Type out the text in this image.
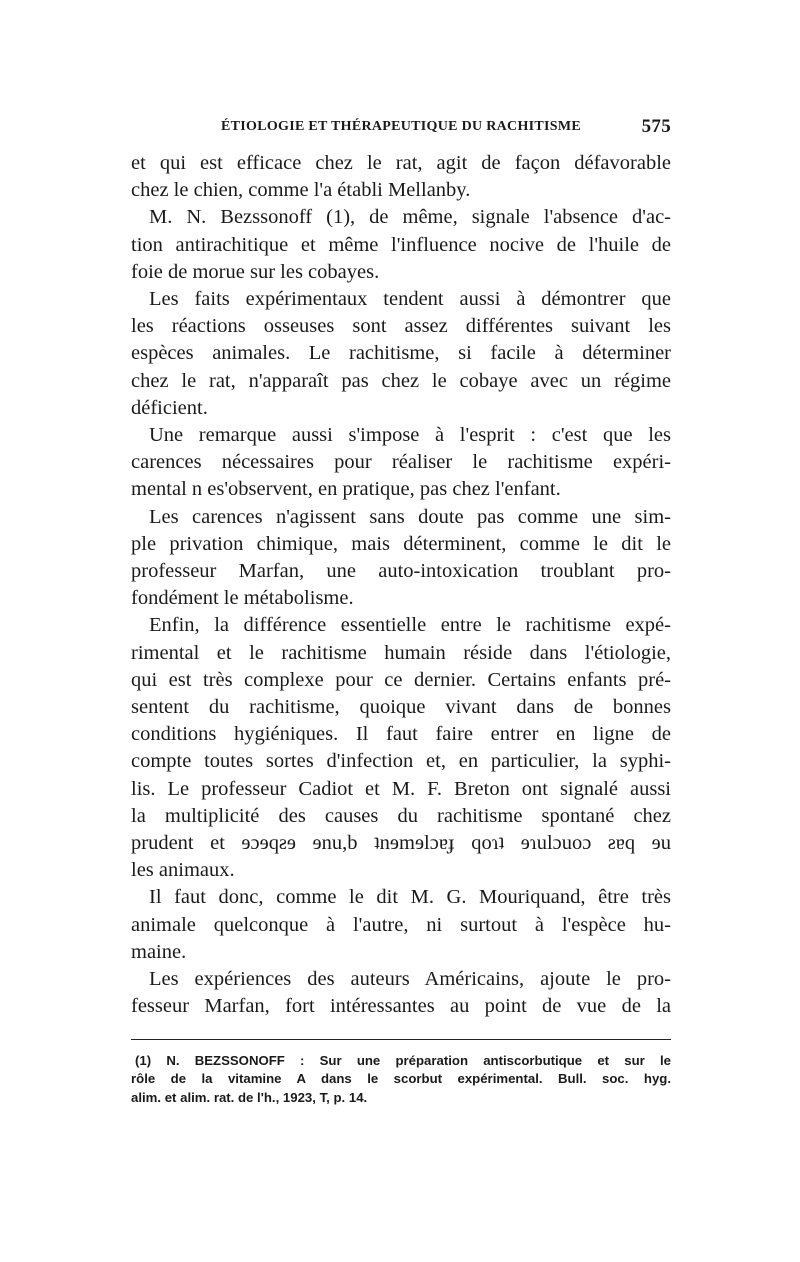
ÉTIOLOGIE ET THÉRAPEUTIQUE DU RACHITISME	575
et qui est efficace chez le rat, agit de façon défavorable
chez le chien, comme l'a établi Mellanby.
M. N. Bezssonoff (1), de même, signale l'absence d'ac-
tion antirachitique et même l'influence nocive de l'huile de
foie de morue sur les cobayes.
Les faits expérimentaux tendent aussi à démontrer que
les réactions osseuses sont assez différentes suivant les
espèces animales. Le rachitisme, si facile à déterminer
chez le rat, n'apparaît pas chez le cobaye avec un régime
déficient.
Une remarque aussi s'impose à l'esprit : c'est que les
carences nécessaires pour réaliser le rachitisme expéri-
mental n es'observent, en pratique, pas chez l'enfant.
Les carences n'agissent sans doute pas comme une sim-
ple privation chimique, mais déterminent, comme le dit le
professeur Marfan, une auto-intoxication troublant pro-
fondément le métabolisme.
Enfin, la différence essentielle entre le rachitisme expé-
rimental et le rachitisme humain réside dans l'étiologie,
qui est très complexe pour ce dernier. Certains enfants pré-
sentent du rachitisme, quoique vivant dans de bonnes
conditions hygiéniques. Il faut faire entrer en ligne de
compte toutes sortes d'infection et, en particulier, la syphi-
lis. Le professeur Cadiot et M. F. Breton ont signalé aussi
la multiplicité des causes du rachitisme spontané chez
prudent et ɘɔɘqƨɘ ɘnu,b ʇnɘmɘlɔɐɟ qoɿʇ ɘɿulɔuoɔ ƨɐq ɘu
les animaux.
Il faut donc, comme le dit M. G. Mouriquand, être très
animale quelconque à l'autre, ni surtout à l'espèce hu-
maine.
Les expériences des auteurs Américains, ajoute le pro-
fesseur Marfan, fort intéressantes au point de vue de la
(1) N. BEZSSONOFF : Sur une préparation antiscorbutique et sur le
rôle de la vitamine A dans le scorbut expérimental. Bull. soc. hyg.
alim. et alim. rat. de l'h., 1923, T, p. 14.
